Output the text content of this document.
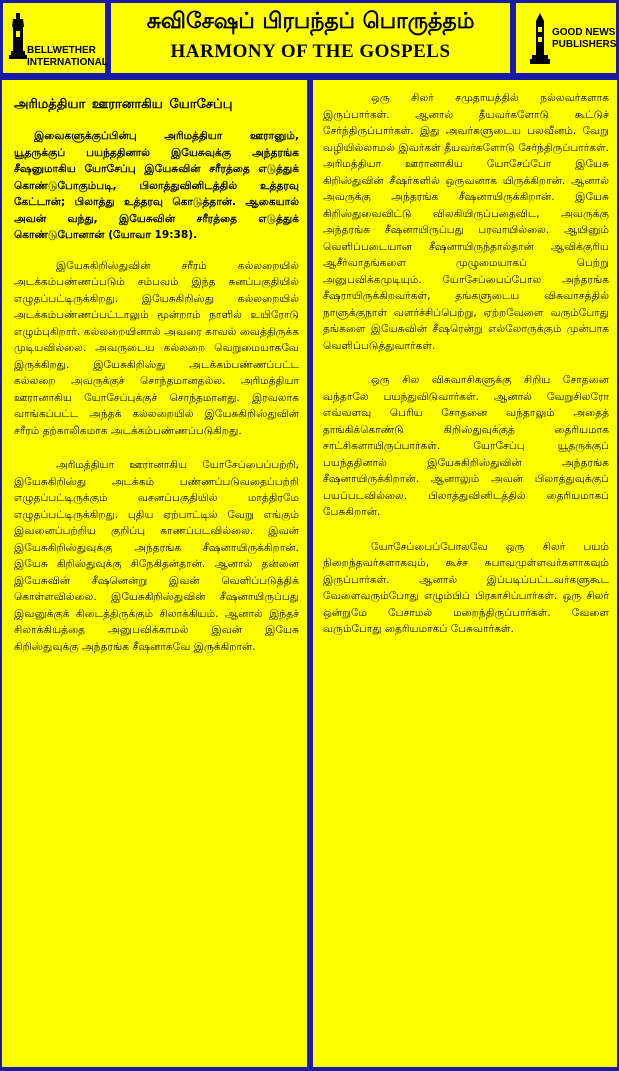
BELLWETHER
INTERNATIONAL
சுவிசேஷப் பிரபந்தப் பொருத்தம்
HARMONY OF THE GOSPELS
GOOD NEWS
PUBLISHERS
அரிமத்தியா ஊரானாகிய யோசேப்பு
இவைகளுக்குப்பின்பு அரிமத்தியா ஊரானும், யூதருக்குப் பயந்ததினால் இயேசுவுக்கு அந்தரங்க சீஷனுமாகிய யோசேப்பு இயேசுவின் சரீரத்தை எடுத்துக் கொண்டுபோகும்படி, பிலாத்துவினிடத்தில் உத்தரவு கேட்டான்; பிலாத்து உத்தரவு கொடுத்தான். ஆகையால் அவன் வந்து, இயேசுவின் சரீரத்தை எடுத்துக் கொண்டுபோனான் (யோவா 19:38).
இயேசுகிறிஸ்துவின் சரீரம் கல்லறையில் அடக்கம்பண்ணப்படும் சம்பவம் இந்த சுனப்பகுதியில் எழுதப்பட்டிருக்கிறது. இயேசுகிறிஸ்து கல்லறையில் அடக்கம்பண்ணப்பட்டாலும் மூன்றாம் நாளில் உயிரோடு எழும்புகிறார். கல்லறையினால் அவரை காவல் வைத்திருக்க முடியவில்லை. அவருடைய கல்லறை வெறுமையாகவே இருக்கிறது. இயேசுகிறிஸ்து அடக்கம்பண்ணப்பட்ட கல்லறை அவருக்குச் சொந்தமானதல்ல. அரிமத்தியா ஊரானாகிய யோசேப்புக்குச் சொந்தமானது. இரவலாக வாங்கப்பட்ட அந்தக் கல்லறையில் இயேசுகிறிஸ்துவின் சரீரம் தற்காலிகமாக அடக்கம்பண்ணப்படுகிறது.
அரிமத்தியா ஊரானாகிய யோசேப்பைப்பற்றி, இயேசுகிறிஸ்து அடக்கம் பண்ணப்படுவதைப்பற்றி எழுதப்பட்டிருக்கும் வசனப்பகுதியில் மாத்திரமே எழுதப்பட்டிருக்கிறது. புதிய ஏற்பாட்டில் வேறு எங்கும் இவனைப்பற்றிய குறிப்பு காணப்படவில்லை. இவன் இயேசுகிறிஸ்துவுக்கு அந்தரங்க சீஷனாயிருக்கிறான். இயேசு கிறிஸ்துவுக்கு சிநேகிதன்தான். ஆனால் தன்னை இயேசுவின் சீஷனென்று இவன் வெளிப்படுத்திக் கொள்ளவில்லை. இயேசுகிறிஸ்துவின் சீஷனாயிருப்பது இவனுக்குக் கிடைத்திருக்கும் சிலாக்கியம். ஆனால் இந்தச் சிலாக்கியத்தை அனுபவிக்காமல் இவன் இயேசு கிறிஸ்துவுக்கு அந்தரங்க சீஷனாகவே இருக்கிறான்.
ஒரு சிலர் சமுதாயத்தில் நல்லவர்களாக இருப்பார்கள். ஆனால் தீயவர்களோடு கூட்டுச் சேர்ந்திருப்பார்கள். இது அவர்களுடைய பலவீனம். வேறு வழியில்லாமல் இவர்கள் தீயவர்களோடு சேர்ந்திருப்பார்கள். அரிமத்தியா ஊரானாகிய யோசேப்போ இயேசு கிறிஸ்துவின் சீஷர்களில் ஒருவனாக யிருக்கிறான். ஆனால் அவருக்கு அந்தரங்க சீஷனாயிருக்கிறான். இயேசு கிறிஸ்துவைவிட்டு விலகியிருப்பதைவிட, அவருக்கு அந்தரங்க சீஷனாயிருப்பது பரவாயில்லை. ஆயினும் வெளிப்படையான சீஷனாயிருந்தால்தான் ஆவிக்குரிய ஆசீர்வாதங்களை முழுமையாகப் பெற்று அனுபவிக்கமுடியும். யோசேப்பைப்போல அந்தரங்க சீஷராயிருக்கிறவர்கள், தங்களுடைய விசுவாசத்தில் நாளுக்குநாள் வளர்ச்சிப்பெற்று, ஏற்றவேளை வரும்போது தங்களை இயேசுவின் சீஷரென்று எல்லோருக்கும் முன்பாக வெளிப்படுத்துவார்கள்.
ஒரு சில விசுவாசிகளுக்கு சிறிய சோதனை வந்தாலே பயந்துவிடுவார்கள். ஆனால் வேறுசிலரோ எவ்வளவு பெரிய சோதனை வந்தாலும் அதைத் தாங்கிக்கொண்டு கிறிஸ்துவுக்குத் தைரியமாக சாட்சிகளாயிருப்பார்கள். யோசேப்பு யூதருக்குப் பயந்ததினால் இயேசுகிறிஸ்துவின் அந்தரங்க சீஷனாயிருக்கிறான். ஆனாலும் அவன் பிலாத்துவுக்குப் பயப்படவில்லை. பிலாத்துவினிடத்தில் தைரியமாகப் பேசுகிறான்.
யோசேப்பைப்போலவே ஒரு சிலர் பயம் நிறைந்தவர்களாகவும், கூச்ச சுபாவமுள்ளவர்களாகவும் இருப்பார்கள். ஆனால் இப்படிப்பட்டவர்களுகூட வேளைவரும்போது எழும்பிப் பிரகாசிப்பார்கள். ஒரு சிலர் ஒன்றுமே பேசாமல் மறைந்திருப்பார்கள். வேளை வரும்போது தைரியமாகப் பேசுவார்கள்.
